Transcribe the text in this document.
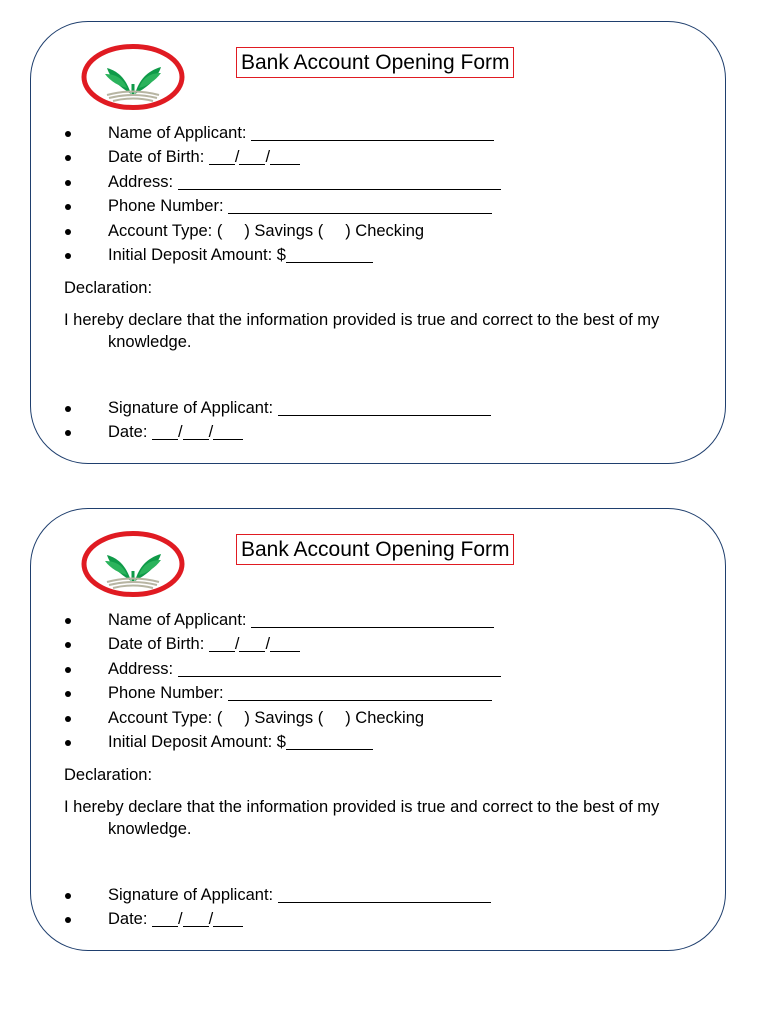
Bank Account Opening Form
Name of Applicant:
Date of Birth: / /
Address:
Phone Number:
Account Type: ( ) Savings ( ) Checking
Initial Deposit Amount: $
Declaration:
I hereby declare that the information provided is true and correct to the best of my
knowledge.
Signature of Applicant:
Date: / /
Bank Account Opening Form
Name of Applicant:
Date of Birth: / /
Address:
Phone Number:
Account Type: ( ) Savings ( ) Checking
Initial Deposit Amount: $
Declaration:
I hereby declare that the information provided is true and correct to the best of my
knowledge.
Signature of Applicant:
Date: / /
